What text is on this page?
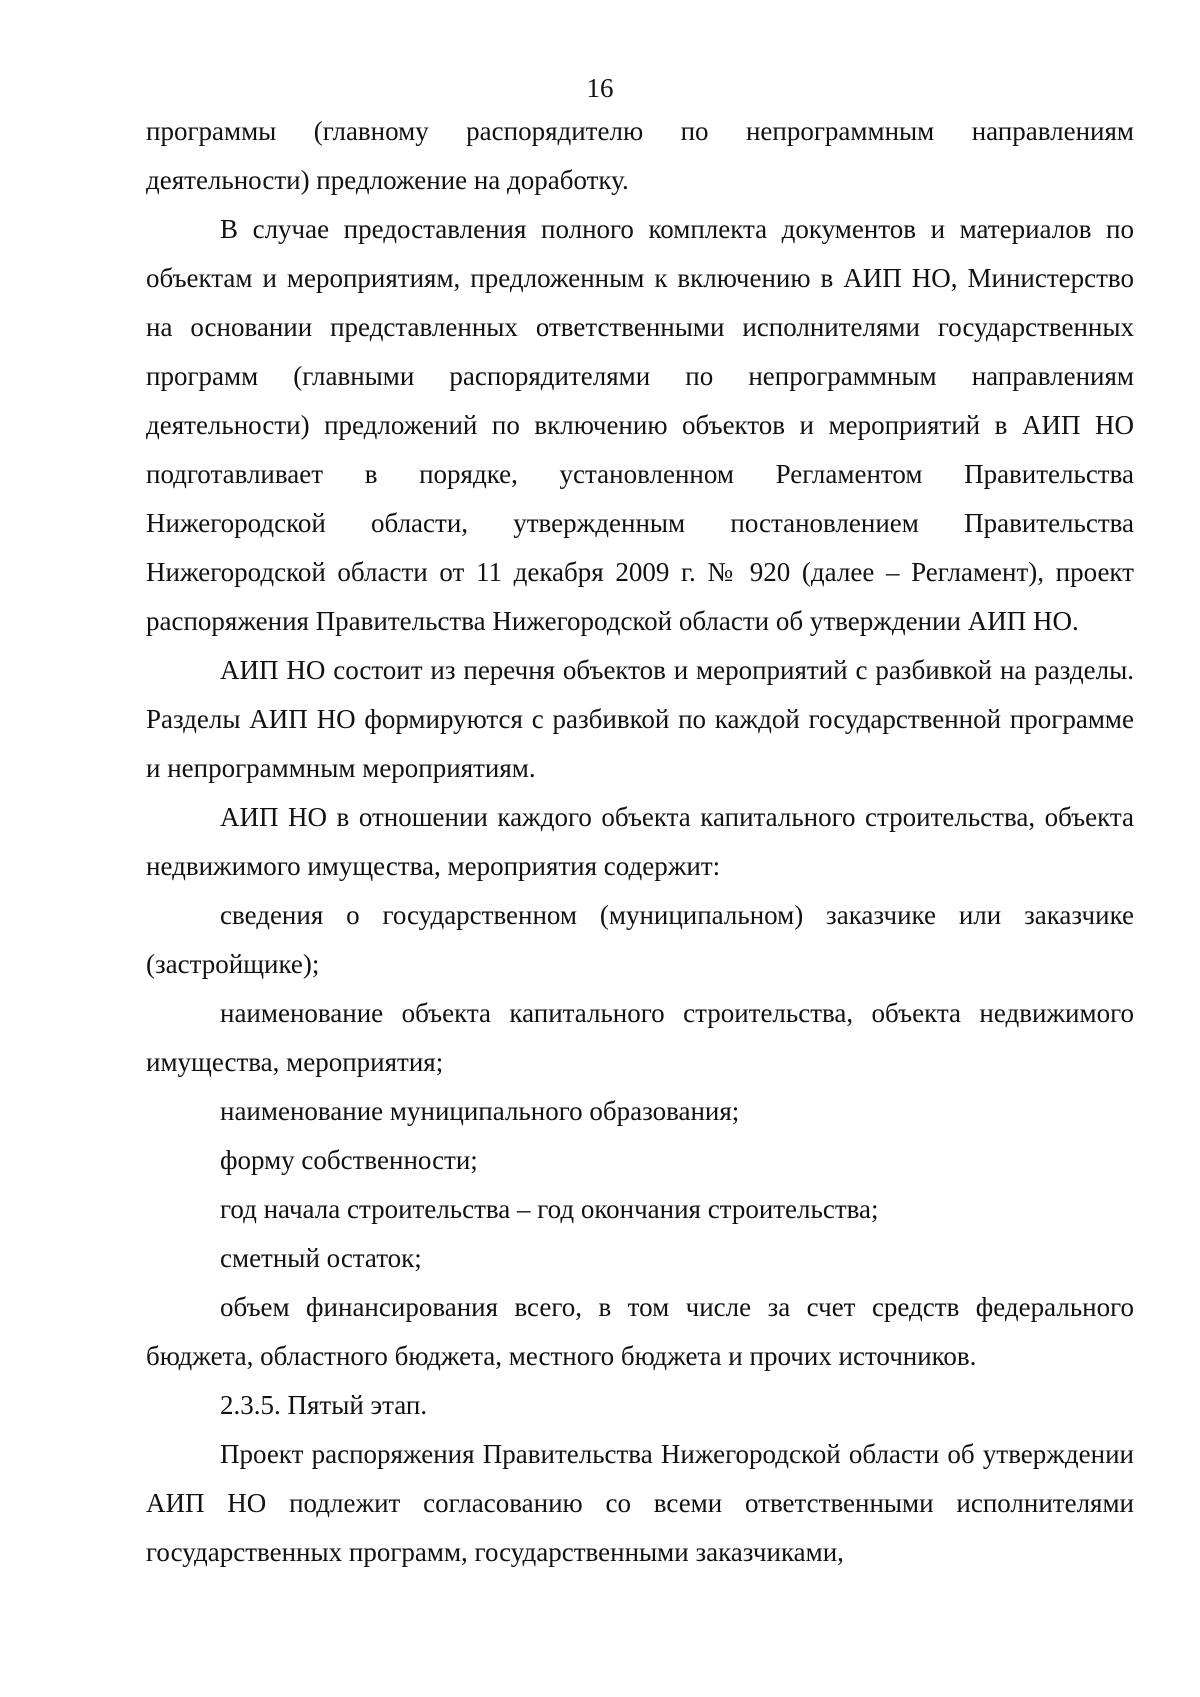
16

программы (главному распорядителю по непрограммным направлениям деятельности) предложение на доработку.

В случае предоставления полного комплекта документов и материалов по объектам и мероприятиям, предложенным к включению в АИП НО, Министерство на основании представленных ответственными исполнителями государственных программ (главными распорядителями по непрограммным направлениям деятельности) предложений по включению объектов и мероприятий в АИП НО подготавливает в порядке, установленном Регламентом Правительства Нижегородской области, утвержденным постановлением Правительства Нижегородской области от 11 декабря 2009 г. № 920 (далее – Регламент), проект распоряжения Правительства Нижегородской области об утверждении АИП НО.

АИП НО состоит из перечня объектов и мероприятий с разбивкой на разделы. Разделы АИП НО формируются с разбивкой по каждой государственной программе и непрограммным мероприятиям.

АИП НО в отношении каждого объекта капитального строительства, объекта недвижимого имущества, мероприятия содержит:

сведения о государственном (муниципальном) заказчике или заказчике (застройщике);

наименование объекта капитального строительства, объекта недвижимого имущества, мероприятия;

наименование муниципального образования;

форму собственности;

год начала строительства – год окончания строительства;

сметный остаток;

объем финансирования всего, в том числе за счет средств федерального бюджета, областного бюджета, местного бюджета и прочих источников.

2.3.5. Пятый этап.

Проект распоряжения Правительства Нижегородской области об утверждении АИП НО подлежит согласованию со всеми ответственными исполнителями государственных программ, государственными заказчиками,
